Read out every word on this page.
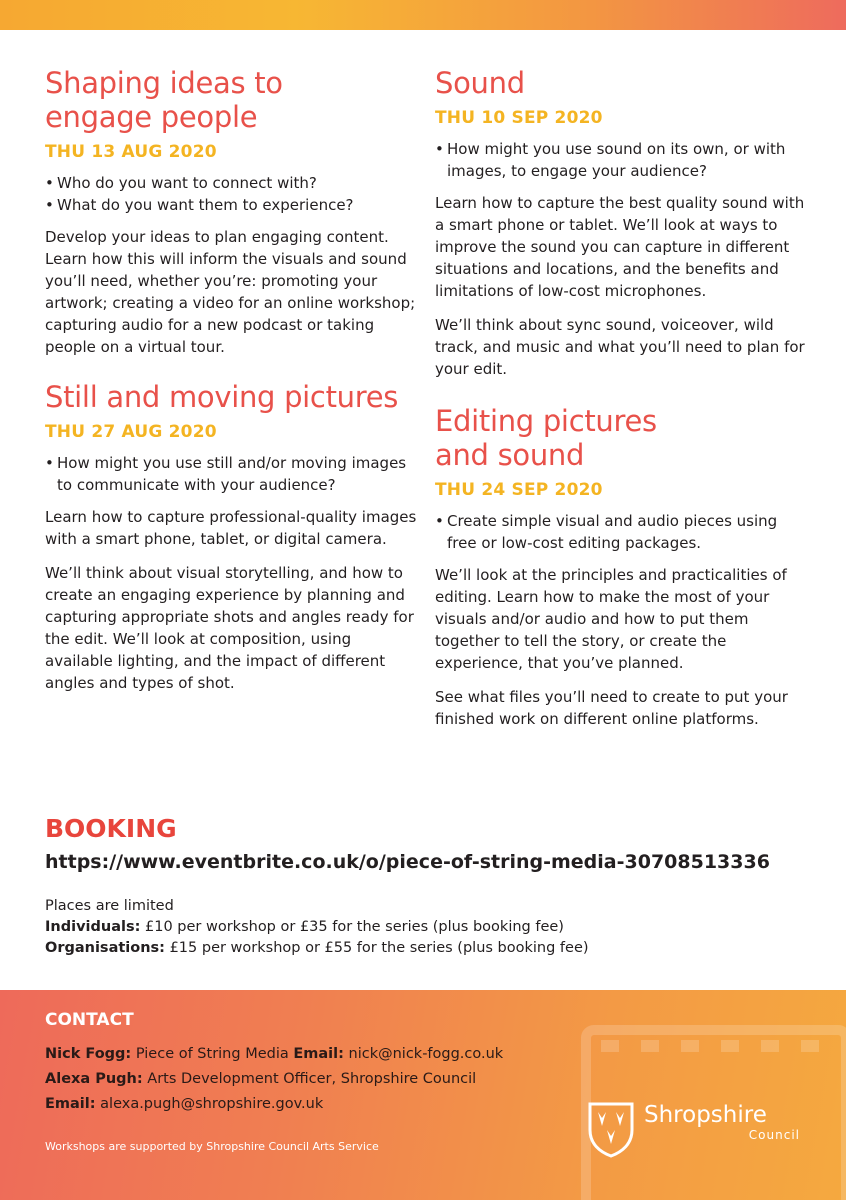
Shaping ideas to
engage people
THU 13 AUG 2020
• Who do you want to connect with?
• What do you want them to experience?

Develop your ideas to plan engaging content. Learn how this will inform the visuals and sound you’ll need, whether you’re: promoting your artwork; creating a video for an online workshop; capturing audio for a new podcast or taking people on a virtual tour.

Still and moving pictures
THU 27 AUG 2020
• How might you use still and/or moving images to communicate with your audience?

Learn how to capture professional-quality images with a smart phone, tablet, or digital camera.

We’ll think about visual storytelling, and how to create an engaging experience by planning and capturing appropriate shots and angles ready for the edit. We’ll look at composition, using available lighting, and the impact of different angles and types of shot.

Sound
THU 10 SEP 2020
• How might you use sound on its own, or with images, to engage your audience?

Learn how to capture the best quality sound with a smart phone or tablet. We’ll look at ways to improve the sound you can capture in different situations and locations, and the benefits and limitations of low-cost microphones.

We’ll think about sync sound, voiceover, wild track, and music and what you’ll need to plan for your edit.

Editing pictures
and sound
THU 24 SEP 2020
• Create simple visual and audio pieces using free or low-cost editing packages.

We’ll look at the principles and practicalities of editing. Learn how to make the most of your visuals and/or audio and how to put them together to tell the story, or create the experience, that you’ve planned.

See what files you’ll need to create to put your finished work on different online platforms.

BOOKING
https://www.eventbrite.co.uk/o/piece-of-string-media-30708513336
Places are limited
Individuals: £10 per workshop or £35 for the series (plus booking fee)
Organisations: £15 per workshop or £55 for the series (plus booking fee)
CONTACT
Nick Fogg: Piece of String Media Email: nick@nick-fogg.co.uk
Alexa Pugh: Arts Development Officer, Shropshire Council
Email: alexa.pugh@shropshire.gov.uk
Workshops are supported by Shropshire Council Arts Service
Shropshire
Council
